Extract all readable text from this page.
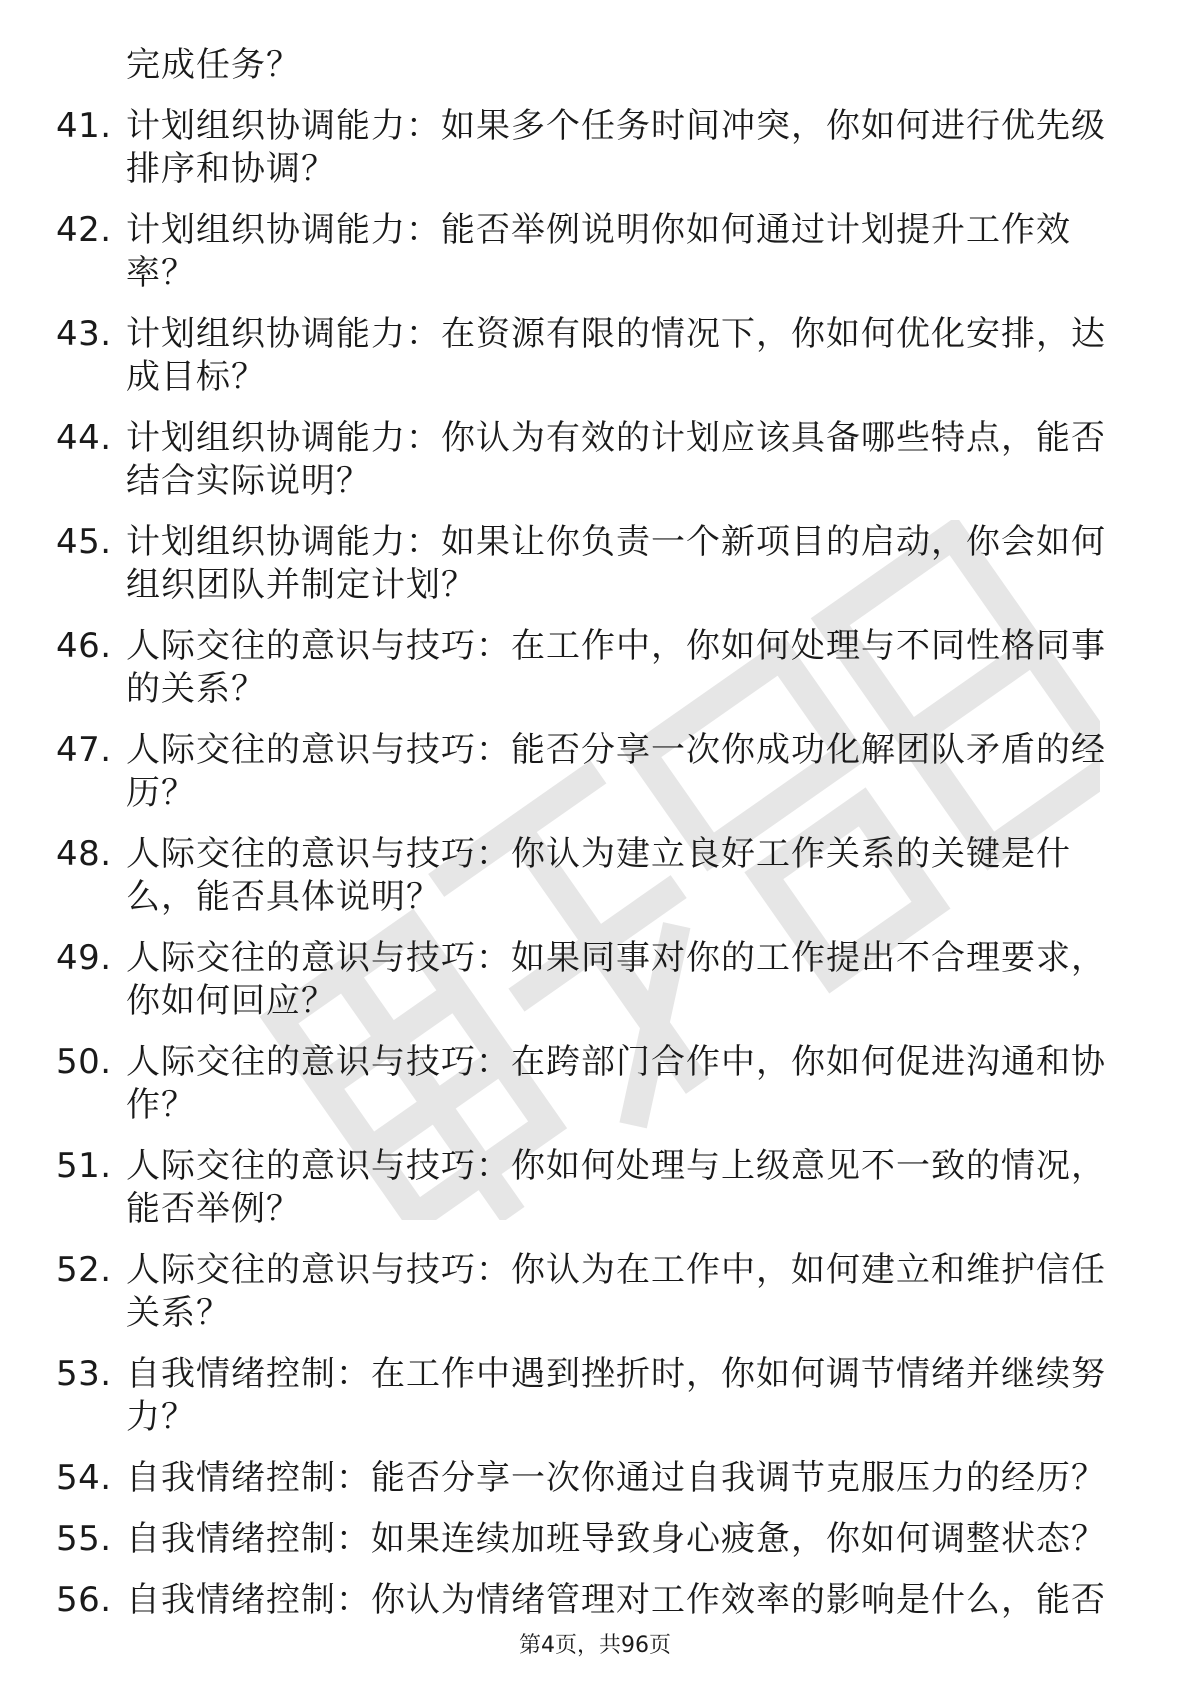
完成任务？
41. 计划组织协调能力：如果多个任务时间冲突，你如何进行优先级排序和协调？
42. 计划组织协调能力：能否举例说明你如何通过计划提升工作效率？
43. 计划组织协调能力：在资源有限的情况下，你如何优化安排，达成目标？
44. 计划组织协调能力：你认为有效的计划应该具备哪些特点，能否结合实际说明？
45. 计划组织协调能力：如果让你负责一个新项目的启动，你会如何组织团队并制定计划？
46. 人际交往的意识与技巧：在工作中，你如何处理与不同性格同事的关系？
47. 人际交往的意识与技巧：能否分享一次你成功化解团队矛盾的经历？
48. 人际交往的意识与技巧：你认为建立良好工作关系的关键是什么，能否具体说明？
49. 人际交往的意识与技巧：如果同事对你的工作提出不合理要求，你如何回应？
50. 人际交往的意识与技巧：在跨部门合作中，你如何促进沟通和协作？
51. 人际交往的意识与技巧：你如何处理与上级意见不一致的情况，能否举例？
52. 人际交往的意识与技巧：你认为在工作中，如何建立和维护信任关系？
53. 自我情绪控制：在工作中遇到挫折时，你如何调节情绪并继续努力？
54. 自我情绪控制：能否分享一次你通过自我调节克服压力的经历？
55. 自我情绪控制：如果连续加班导致身心疲惫，你如何调整状态？
56. 自我情绪控制：你认为情绪管理对工作效率的影响是什么，能否
第4页，共96页
